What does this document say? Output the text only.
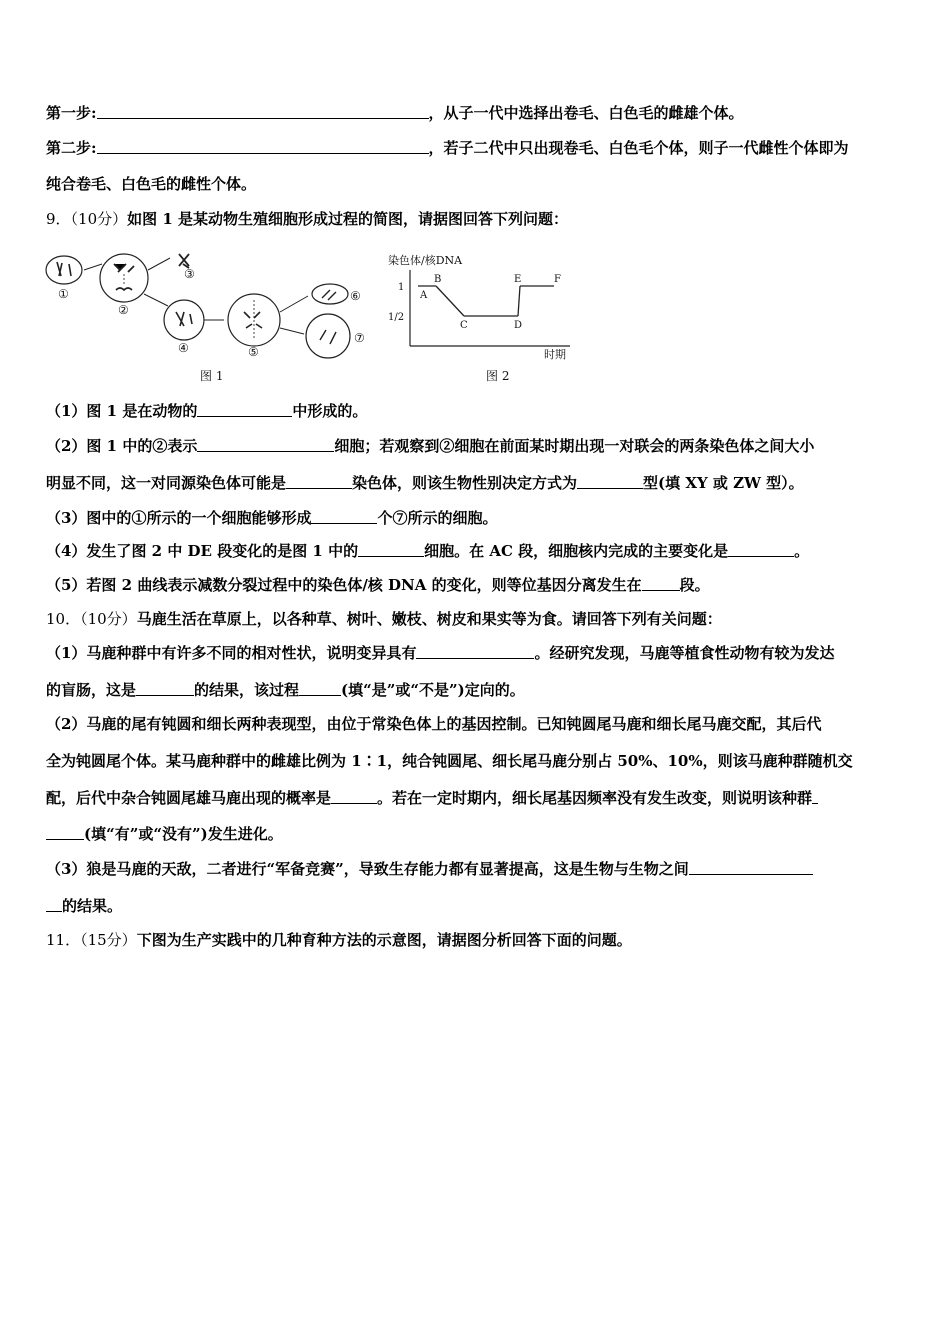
第一步:	，从子一代中选择出卷毛、白色毛的雌雄个体。
第二步:	，若子二代中只出现卷毛、白色毛个体，则子一代雌性个体即为
纯合卷毛、白色毛的雌性个体。
9．（10分）如图 1 是某动物生殖细胞形成过程的简图，请据图回答下列问题：
①
②
③
④	⑤
⑥
⑦
图 1
染色体/核DNA
时期
1
1/2
A
B
C	D
E	F
图 2
（1）图 1 是在动物的	中形成的。
（2）图 1 中的②表示	细胞；若观察到②细胞在前面某时期出现一对联会的两条染色体之间大小
明显不同，这一对同源染色体可能是	染色体，则该生物性别决定方式为	型(填 XY 或 ZW 型）。
（3）图中的①所示的一个细胞能够形成	个⑦所示的细胞。
（4）发生了图 2 中 DE 段变化的是图 1 中的	细胞。在 AC 段，细胞核内完成的主要变化是	。
（5）若图 2 曲线表示减数分裂过程中的染色体/核 DNA 的变化，则等位基因分离发生在	段。
10．（10分）马鹿生活在草原上，以各种草、树叶、嫩枝、树皮和果实等为食。请回答下列有关问题：
（1）马鹿种群中有许多不同的相对性状，说明变异具有	。经研究发现，马鹿等植食性动物有较为发达
的盲肠，这是	的结果，该过程	(填“是”或“不是”)定向的。
（2）马鹿的尾有钝圆和细长两种表现型，由位于常染色体上的基因控制。已知钝圆尾马鹿和细长尾马鹿交配，其后代
全为钝圆尾个体。某马鹿种群中的雌雄比例为 1∶1，纯合钝圆尾、细长尾马鹿分别占 50%、10%，则该马鹿种群随机交
配，后代中杂合钝圆尾雄马鹿出现的概率是	。若在一定时期内，细长尾基因频率没有发生改变，则说明该种群
(填“有”或“没有”)发生进化。
（3）狼是马鹿的天敌，二者进行“军备竞赛”，导致生存能力都有显著提高，这是生物与生物之间
的结果。
11．（15分）下图为生产实践中的几种育种方法的示意图，请据图分析回答下面的问题。
